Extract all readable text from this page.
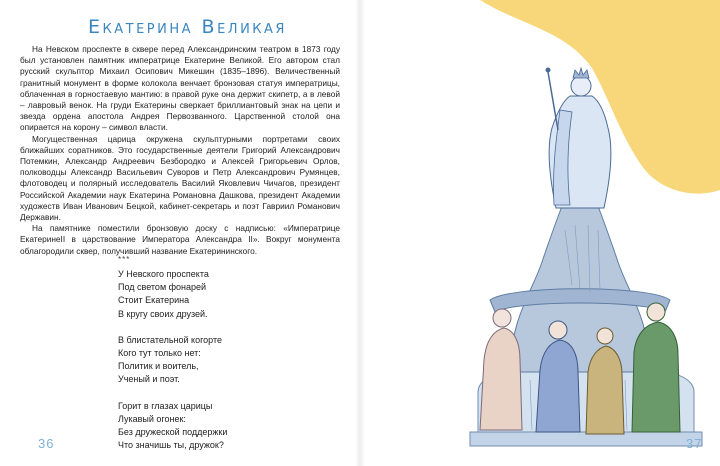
Екатерина Великая

На Невском проспекте в сквере перед Александринским театром в 1873 году был установлен памятник императрице Екатерине Великой. Его автором стал русский скульптор Михаил Осипович Микешин (1835–1896). Величественный гранитный монумент в форме колокола венчает бронзовая статуя императрицы, облаченная в горностаевую мантию: в правой руке она держит скипетр, а в левой – лавровый венок. На груди Екатерины сверкает бриллиантовый знак на цепи и звезда ордена апостола Андрея Первозванного. Царственной столой она опирается на корону – символ власти.

Могущественная царица окружена скульптурными портретами своих ближайших соратников. Это государственные деятели Григорий Александрович Потемкин, Александр Андреевич Безбородко и Алексей Григорьевич Орлов, полководцы Александр Васильевич Суворов и Петр Александрович Румянцев, флотоводец и полярный исследователь Василий Яковлевич Чичагов, президент Российской Академии наук Екатерина Романовна Дашкова, президент Академии художеств Иван Иванович Бецкой, кабинет-секретарь и поэт Гавриил Романович Державин.

На памятнике поместили бронзовую доску с надписью: «Императрице ЕкатеринеII в царствование Императора Александра II». Вокруг монумента облагородили сквер, получивший название Екатерининского.

***
У Невского проспекта
Под светом фонарей
Стоит Екатерина
В кругу своих друзей.
В блистательной когорте
Кого тут только нет:
Политик и воитель,
Ученый и поэт.
Горит в глазах царицы
Лукавый огонек:
Без дружеской поддержки
Что значишь ты, дружок?
36	37
